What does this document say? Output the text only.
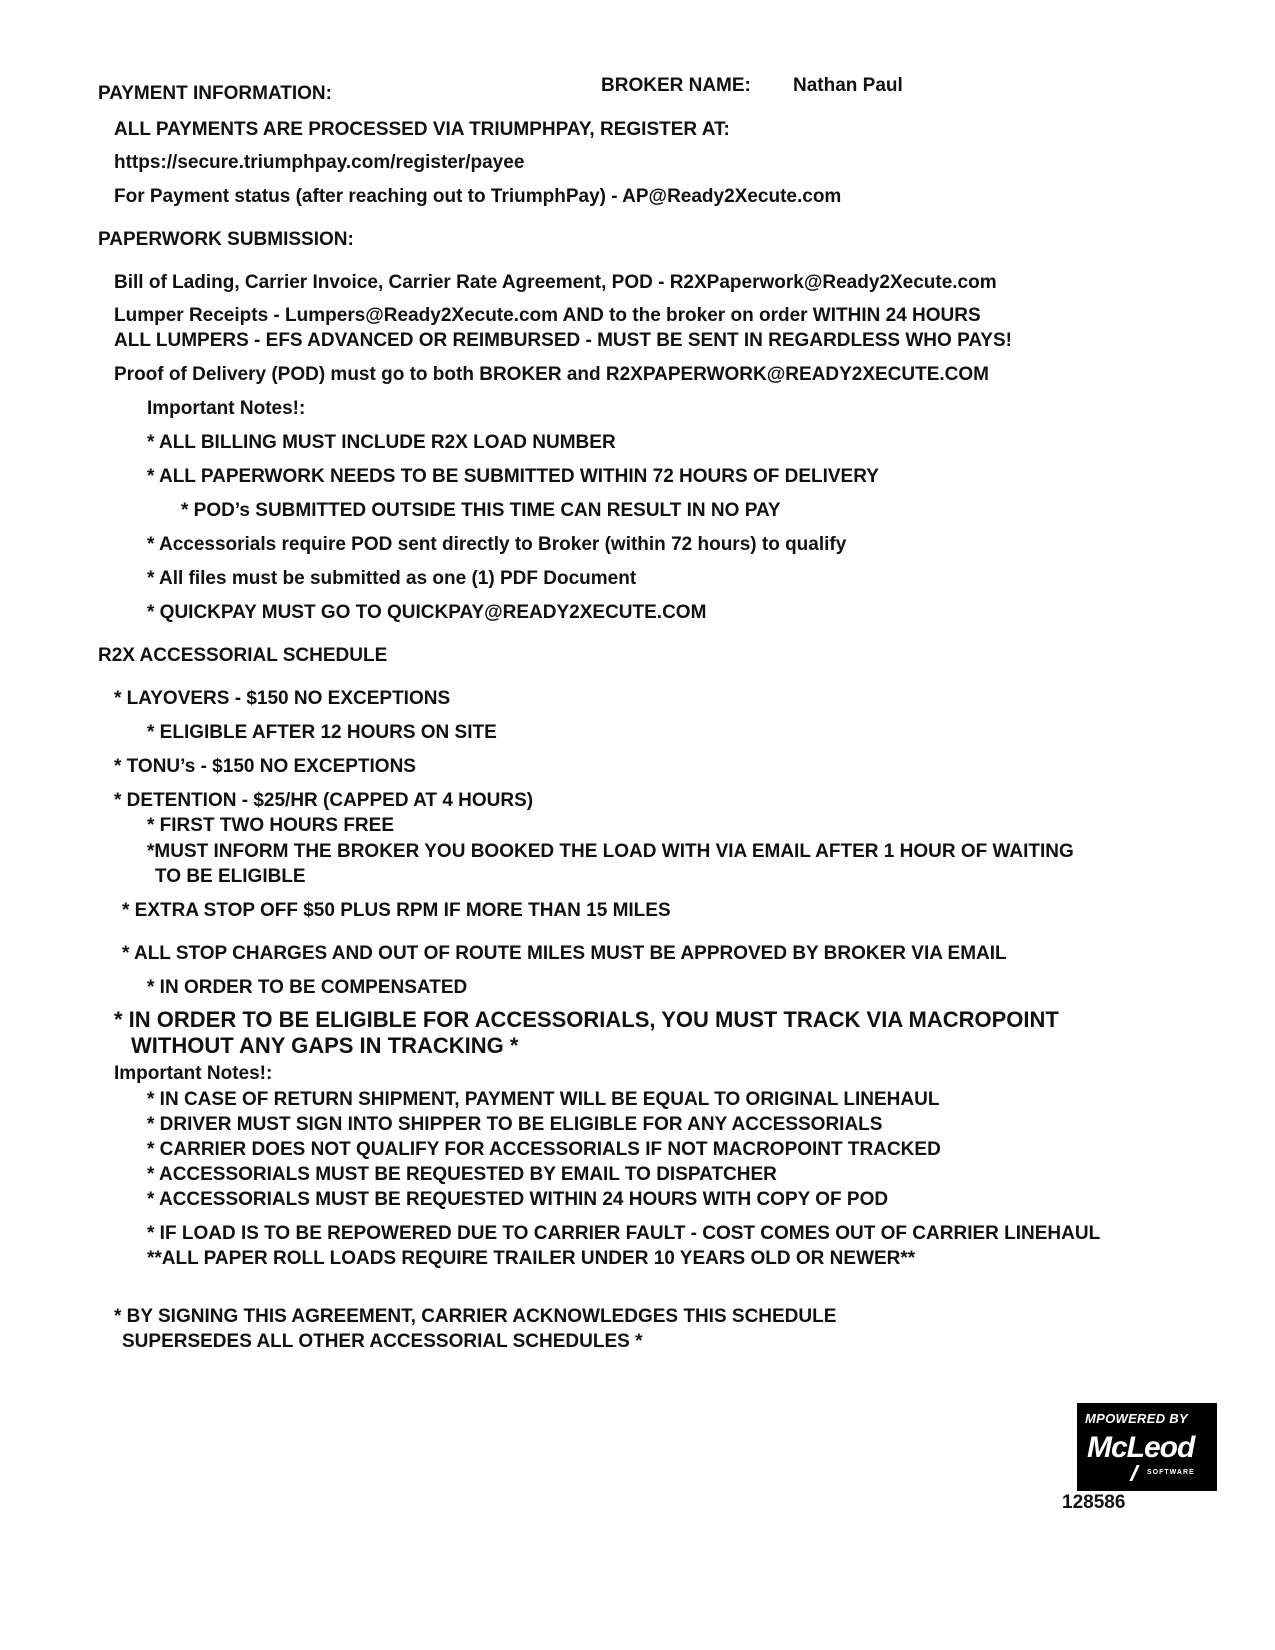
PAYMENT INFORMATION:	BROKER NAME: Nathan Paul
ALL PAYMENTS ARE PROCESSED VIA TRIUMPHPAY, REGISTER AT:
https://secure.triumphpay.com/register/payee
For Payment status (after reaching out to TriumphPay) - AP@Ready2Xecute.com
PAPERWORK SUBMISSION:
Bill of Lading, Carrier Invoice, Carrier Rate Agreement, POD - R2XPaperwork@Ready2Xecute.com
Lumper Receipts - Lumpers@Ready2Xecute.com AND to the broker on order WITHIN 24 HOURS
ALL LUMPERS - EFS ADVANCED OR REIMBURSED - MUST BE SENT IN REGARDLESS WHO PAYS!
Proof of Delivery (POD) must go to both BROKER and R2XPAPERWORK@READY2XECUTE.COM
Important Notes!:
* ALL BILLING MUST INCLUDE R2X LOAD NUMBER
* ALL PAPERWORK NEEDS TO BE SUBMITTED WITHIN 72 HOURS OF DELIVERY
* POD’s SUBMITTED OUTSIDE THIS TIME CAN RESULT IN NO PAY
* Accessorials require POD sent directly to Broker (within 72 hours) to qualify
* All files must be submitted as one (1) PDF Document
* QUICKPAY MUST GO TO QUICKPAY@READY2XECUTE.COM
R2X ACCESSORIAL SCHEDULE
* LAYOVERS - $150 NO EXCEPTIONS
* ELIGIBLE AFTER 12 HOURS ON SITE
* TONU’s - $150 NO EXCEPTIONS
* DETENTION - $25/HR (CAPPED AT 4 HOURS)
* FIRST TWO HOURS FREE
*MUST INFORM THE BROKER YOU BOOKED THE LOAD WITH VIA EMAIL AFTER 1 HOUR OF WAITING
TO BE ELIGIBLE
* EXTRA STOP OFF $50 PLUS RPM IF MORE THAN 15 MILES
* ALL STOP CHARGES AND OUT OF ROUTE MILES MUST BE APPROVED BY BROKER VIA EMAIL
* IN ORDER TO BE COMPENSATED
* IN ORDER TO BE ELIGIBLE FOR ACCESSORIALS, YOU MUST TRACK VIA MACROPOINT
WITHOUT ANY GAPS IN TRACKING *
Important Notes!:
* IN CASE OF RETURN SHIPMENT, PAYMENT WILL BE EQUAL TO ORIGINAL LINEHAUL
* DRIVER MUST SIGN INTO SHIPPER TO BE ELIGIBLE FOR ANY ACCESSORIALS
* CARRIER DOES NOT QUALIFY FOR ACCESSORIALS IF NOT MACROPOINT TRACKED
* ACCESSORIALS MUST BE REQUESTED BY EMAIL TO DISPATCHER
* ACCESSORIALS MUST BE REQUESTED WITHIN 24 HOURS WITH COPY OF POD
* IF LOAD IS TO BE REPOWERED DUE TO CARRIER FAULT - COST COMES OUT OF CARRIER LINEHAUL
**ALL PAPER ROLL LOADS REQUIRE TRAILER UNDER 10 YEARS OLD OR NEWER**
* BY SIGNING THIS AGREEMENT, CARRIER ACKNOWLEDGES THIS SCHEDULE
SUPERSEDES ALL OTHER ACCESSORIAL SCHEDULES *
MPOWERED BY
McLeod
SOFTWARE
128586
